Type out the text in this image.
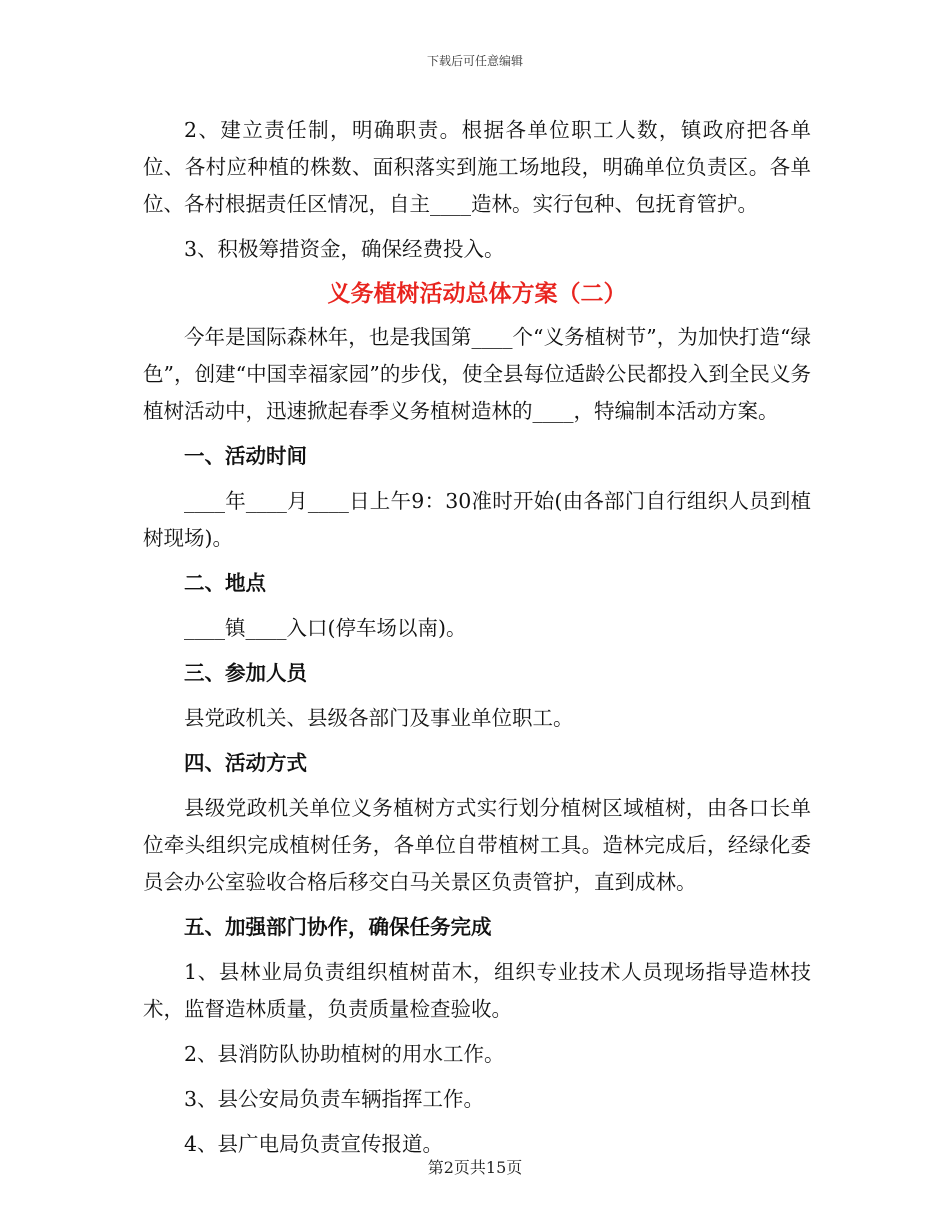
下载后可任意编辑

2、建立责任制，明确职责。根据各单位职工人数，镇政府把各单位、各村应种植的株数、面积落实到施工场地段，明确单位负责区。各单位、各村根据责任区情况，自主____造林。实行包种、包抚育管护。

3、积极筹措资金，确保经费投入。

义务植树活动总体方案（二）

今年是国际森林年，也是我国第____个“义务植树节”，为加快打造“绿色”，创建“中国幸福家园”的步伐，使全县每位适龄公民都投入到全民义务植树活动中，迅速掀起春季义务植树造林的____，特编制本活动方案。

一、活动时间

____年____月____日上午9：30准时开始(由各部门自行组织人员到植树现场)。

二、地点

____镇____入口(停车场以南)。

三、参加人员

县党政机关、县级各部门及事业单位职工。

四、活动方式

县级党政机关单位义务植树方式实行划分植树区域植树，由各口长单位牵头组织完成植树任务，各单位自带植树工具。造林完成后，经绿化委员会办公室验收合格后移交白马关景区负责管护，直到成林。

五、加强部门协作，确保任务完成

1、县林业局负责组织植树苗木，组织专业技术人员现场指导造林技术，监督造林质量，负责质量检查验收。

2、县消防队协助植树的用水工作。

3、县公安局负责车辆指挥工作。

4、县广电局负责宣传报道。

第2页共15页
